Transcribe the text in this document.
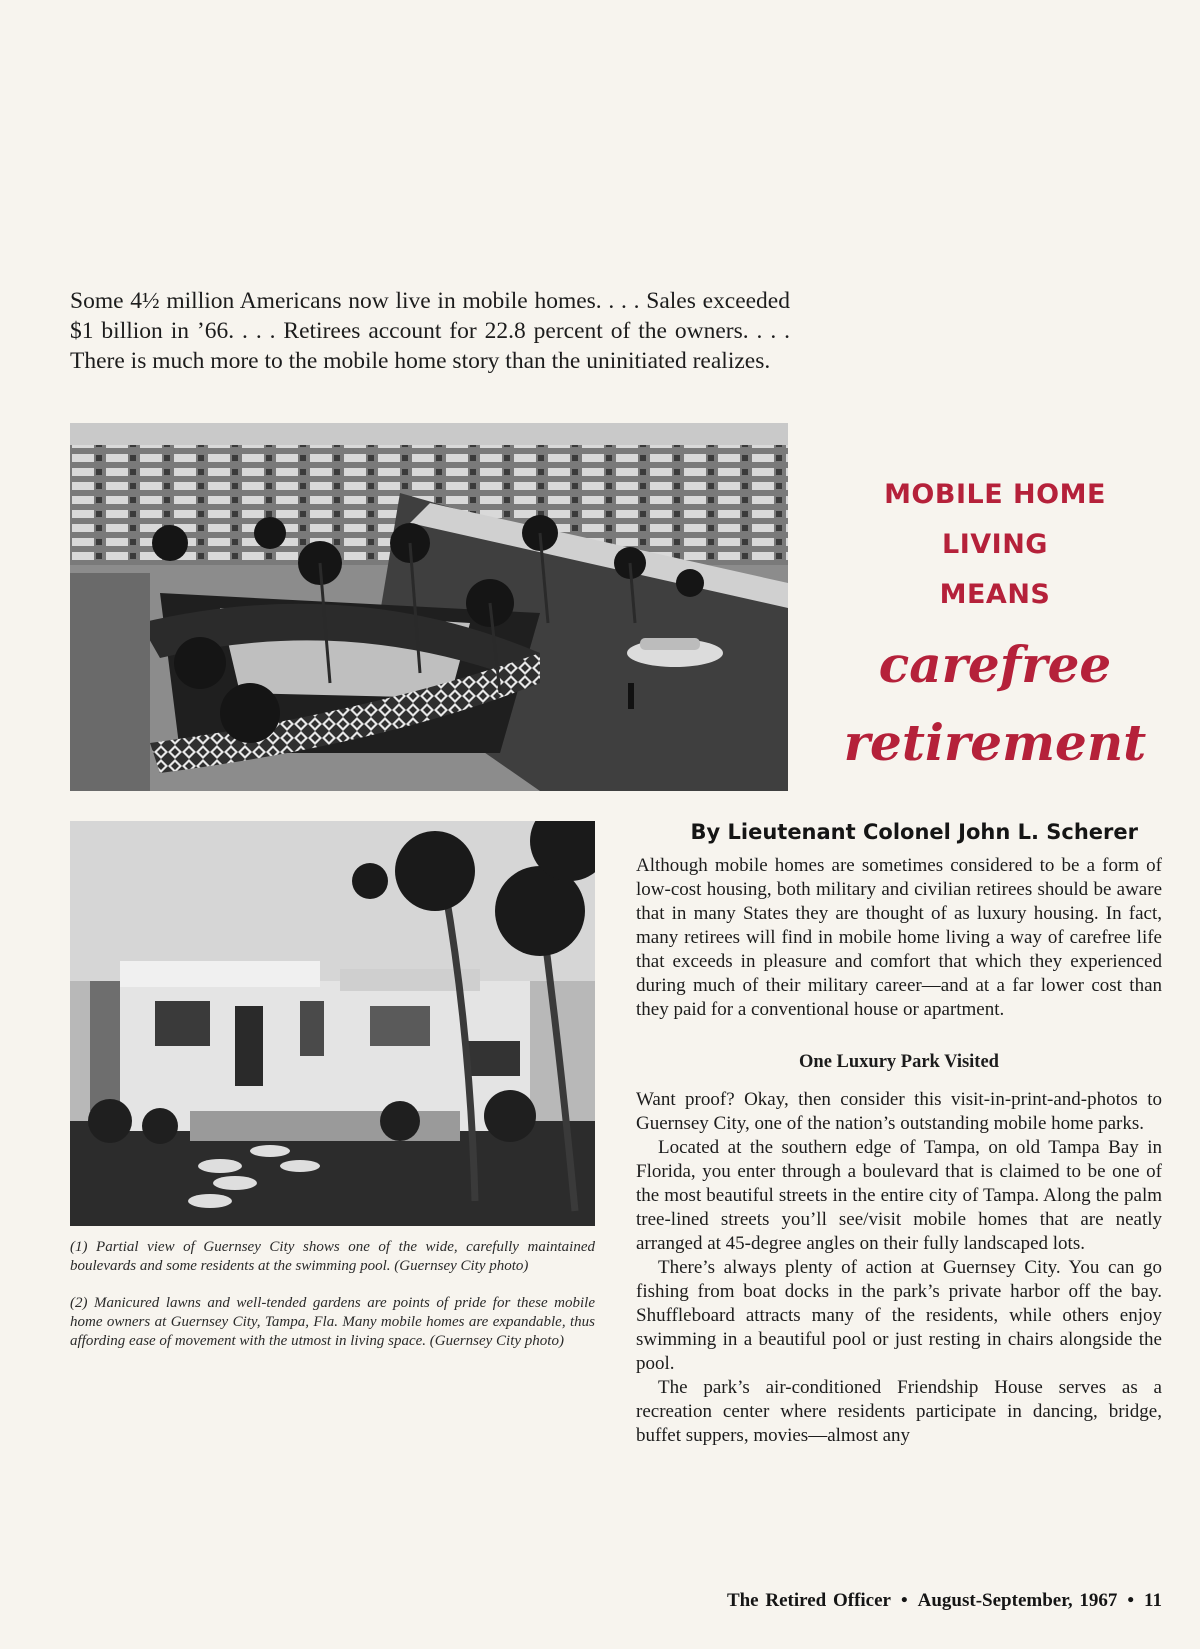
Some 4½ million Americans now live in mobile homes. . . . Sales exceeded $1 billion in ’66. . . . Retirees account for 22.8 percent of the owners. . . . There is much more to the mobile home story than the uninitiated realizes.

MOBILE HOME

LIVING

MEANS

carefree

retirement

(1) Partial view of Guernsey City shows one of the wide, carefully maintained boulevards and some residents at the swimming pool. (Guernsey City photo)

(2) Manicured lawns and well-tended gardens are points of pride for these mobile home owners at Guernsey City, Tampa, Fla. Many mobile homes are expandable, thus affording ease of movement with the utmost in living space. (Guernsey City photo)

By Lieutenant Colonel John L. Scherer

Although mobile homes are sometimes considered to be a form of low-cost housing, both military and civilian retirees should be aware that in many States they are thought of as luxury housing. In fact, many retirees will find in mobile home living a way of carefree life that exceeds in pleasure and comfort that which they experienced during much of their military career—and at a far lower cost than they paid for a conventional house or apartment.

One Luxury Park Visited

Want proof? Okay, then consider this visit-in-print-and-photos to Guernsey City, one of the nation’s outstanding mobile home parks.

Located at the southern edge of Tampa, on old Tampa Bay in Florida, you enter through a boulevard that is claimed to be one of the most beautiful streets in the entire city of Tampa. Along the palm tree-lined streets you’ll see/visit mobile homes that are neatly arranged at 45-degree angles on their fully landscaped lots.

There’s always plenty of action at Guernsey City. You can go fishing from boat docks in the park’s private harbor off the bay. Shuffleboard attracts many of the residents, while others enjoy swimming in a beautiful pool or just resting in chairs alongside the pool.

The park’s air-conditioned Friendship House serves as a recreation center where residents participate in dancing, bridge, buffet suppers, movies—almost any

The Retired Officer • August-September, 1967 • 11
